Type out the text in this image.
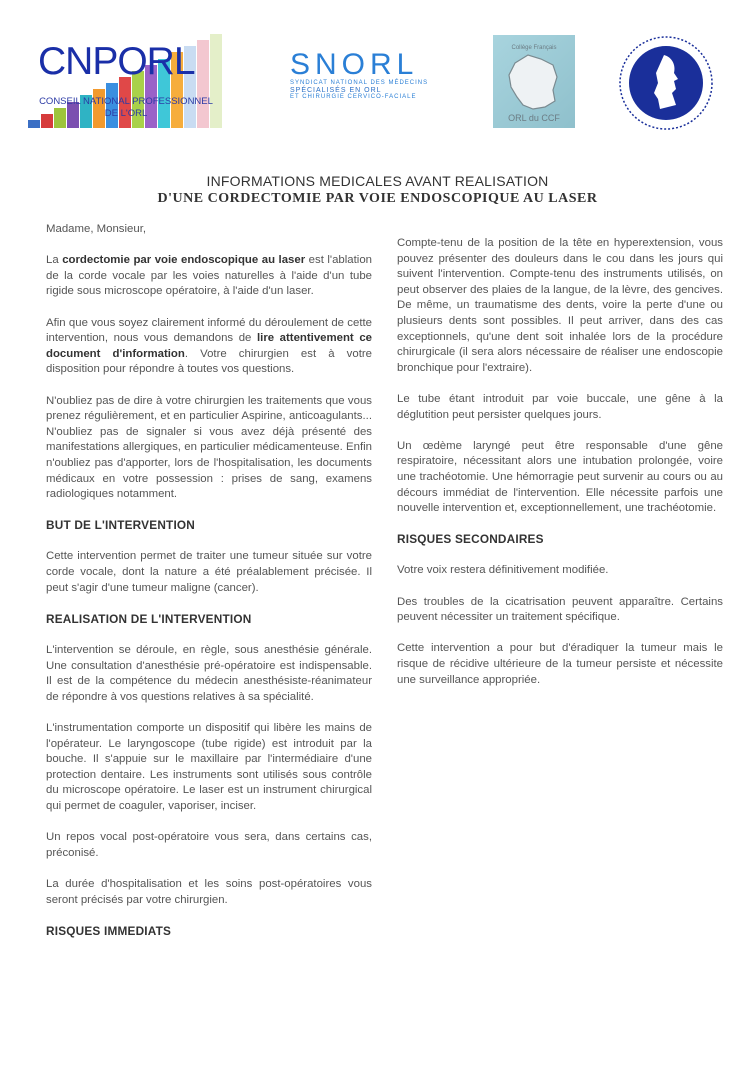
CNPORL
CONSEIL NATIONAL PROFESSIONNEL
DE L'ORL
SNORL
SYNDICAT NATIONAL DES MÉDECINS
SPÉCIALISÉS EN ORL
ET CHIRURGIE CERVICO-FACIALE
ORL du CCF
Collège Français
INFORMATIONS MEDICALES AVANT REALISATION
D'UNE CORDECTOMIE PAR VOIE ENDOSCOPIQUE AU LASER

Madame, Monsieur,

La cordectomie par voie endoscopique au laser est l'ablation de la corde vocale par les voies naturelles à l'aide d'un tube rigide sous microscope opératoire, à l'aide d'un laser.

Afin que vous soyez clairement informé du déroulement de cette intervention, nous vous demandons de lire attentivement ce document d'information. Votre chirurgien est à votre disposition pour répondre à toutes vos questions.

N'oubliez pas de dire à votre chirurgien les traitements que vous prenez régulièrement, et en particulier Aspirine, anticoagulants... N'oubliez pas de signaler si vous avez déjà présenté des manifestations allergiques, en particulier médicamenteuse. Enfin n'oubliez pas d'apporter, lors de l'hospitalisation, les documents médicaux en votre possession : prises de sang, examens radiologiques notamment.

BUT DE L'INTERVENTION

Cette intervention permet de traiter une tumeur située sur votre corde vocale, dont la nature a été préalablement précisée. Il peut s'agir d'une tumeur maligne (cancer).

REALISATION DE L'INTERVENTION

L'intervention se déroule, en règle, sous anesthésie générale. Une consultation d'anesthésie pré-opératoire est indispensable. Il est de la compétence du médecin anesthésiste-réanimateur de répondre à vos questions relatives à sa spécialité.

L'instrumentation comporte un dispositif qui libère les mains de l'opérateur. Le laryngoscope (tube rigide) est introduit par la bouche. Il s'appuie sur le maxillaire par l'intermédiaire d'une protection dentaire. Les instruments sont utilisés sous contrôle du microscope opératoire. Le laser est un instrument chirurgical qui permet de coaguler, vaporiser, inciser.

Un repos vocal post-opératoire vous sera, dans certains cas, préconisé.

La durée d'hospitalisation et les soins post-opératoires vous seront précisés par votre chirurgien.

RISQUES IMMEDIATS

Compte-tenu de la position de la tête en hyperextension, vous pouvez présenter des douleurs dans le cou dans les jours qui suivent l'intervention. Compte-tenu des instruments utilisés, on peut observer des plaies de la langue, de la lèvre, des gencives. De même, un traumatisme des dents, voire la perte d'une ou plusieurs dents sont possibles. Il peut arriver, dans des cas exceptionnels, qu'une dent soit inhalée lors de la procédure chirurgicale (il sera alors nécessaire de réaliser une endoscopie bronchique pour l'extraire).

Le tube étant introduit par voie buccale, une gêne à la déglutition peut persister quelques jours.

Un œdème laryngé peut être responsable d'une gêne respiratoire, nécessitant alors une intubation prolongée, voire une trachéotomie. Une hémorragie peut survenir au cours ou au décours immédiat de l'intervention. Elle nécessite parfois une nouvelle intervention et, exceptionnellement, une trachéotomie.

RISQUES SECONDAIRES

Votre voix restera définitivement modifiée.

Des troubles de la cicatrisation peuvent apparaître. Certains peuvent nécessiter un traitement spécifique.

Cette intervention a pour but d'éradiquer la tumeur mais le risque de récidive ultérieure de la tumeur persiste et nécessite une surveillance appropriée.
